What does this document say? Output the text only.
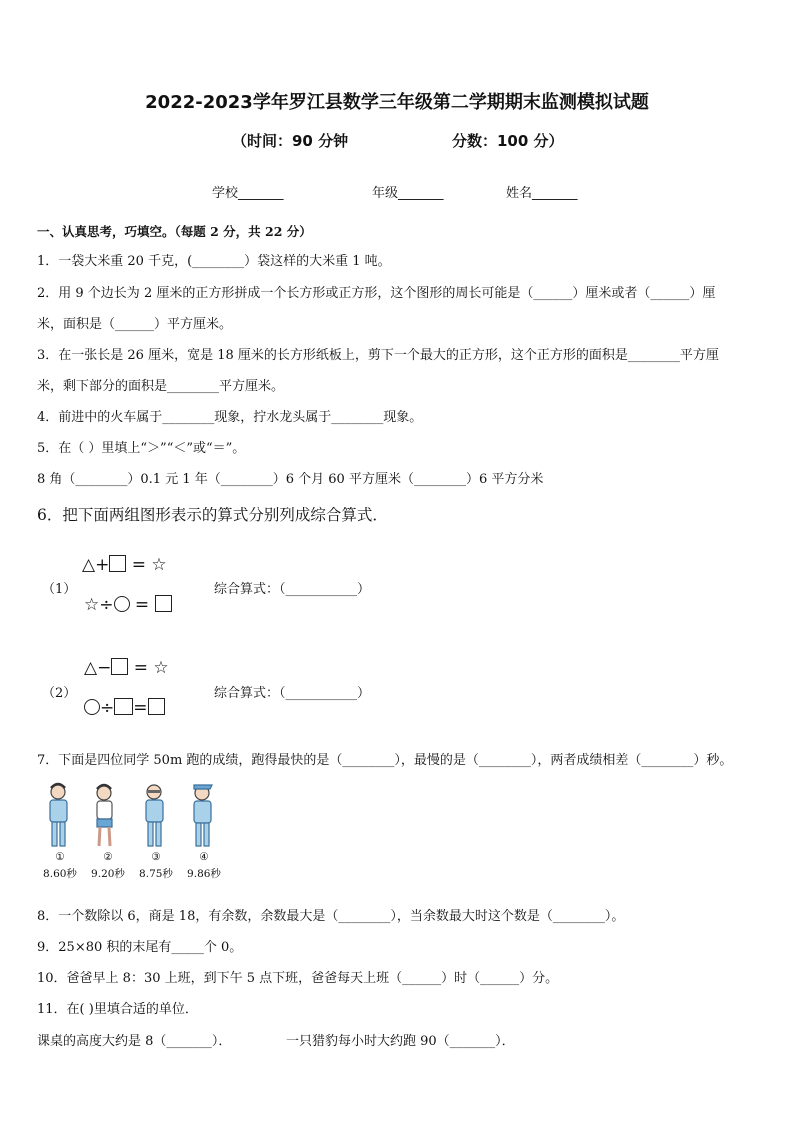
2022-2023学年罗江县数学三年级第二学期期末监测模拟试题
（时间：90 分钟	分数：100 分）
学校_______	年级_______	姓名_______
一、认真思考，巧填空。（每题 2 分，共 22 分）
1．一袋大米重 20 千克，(________）袋这样的大米重 1 吨。
2．用 9 个边长为 2 厘米的正方形拼成一个长方形或正方形，这个图形的周长可能是（______）厘米或者（______）厘
米，面积是（______）平方厘米。
3．在一张长是 26 厘米，宽是 18 厘米的长方形纸板上，剪下一个最大的正方形，这个正方形的面积是________平方厘
米，剩下部分的面积是________平方厘米。
4．前进中的火车属于________现象，拧水龙头属于________现象。
5．在（ ）里填上“＞”“＜”或“＝”。
8 角（________）0.1 元 1 年（________）6 个月 60 平方厘米（________）6 平方分米
6．把下面两组图形表示的算式分别列成综合算式．
（1）
△+ = ☆
☆÷ =
综合算式：（___________）
（2）
△− = ☆
÷ =
综合算式：（___________）
7．下面是四位同学 50m 跑的成绩，跑得最快的是（________），最慢的是（________），两者成绩相差（________）秒。
①	②	③	④
8.60秒 9.20秒 8.75秒 9.86秒
8．一个数除以 6，商是 18，有余数，余数最大是（________），当余数最大时这个数是（________）。
9．25×80 积的末尾有_____个 0。
10．爸爸早上 8：30 上班，到下午 5 点下班，爸爸每天上班（______）时（______）分。
11．在( )里填合适的单位．
课桌的高度大约是 8（_______）．	一只猎豹每小时大约跑 90（_______）．
